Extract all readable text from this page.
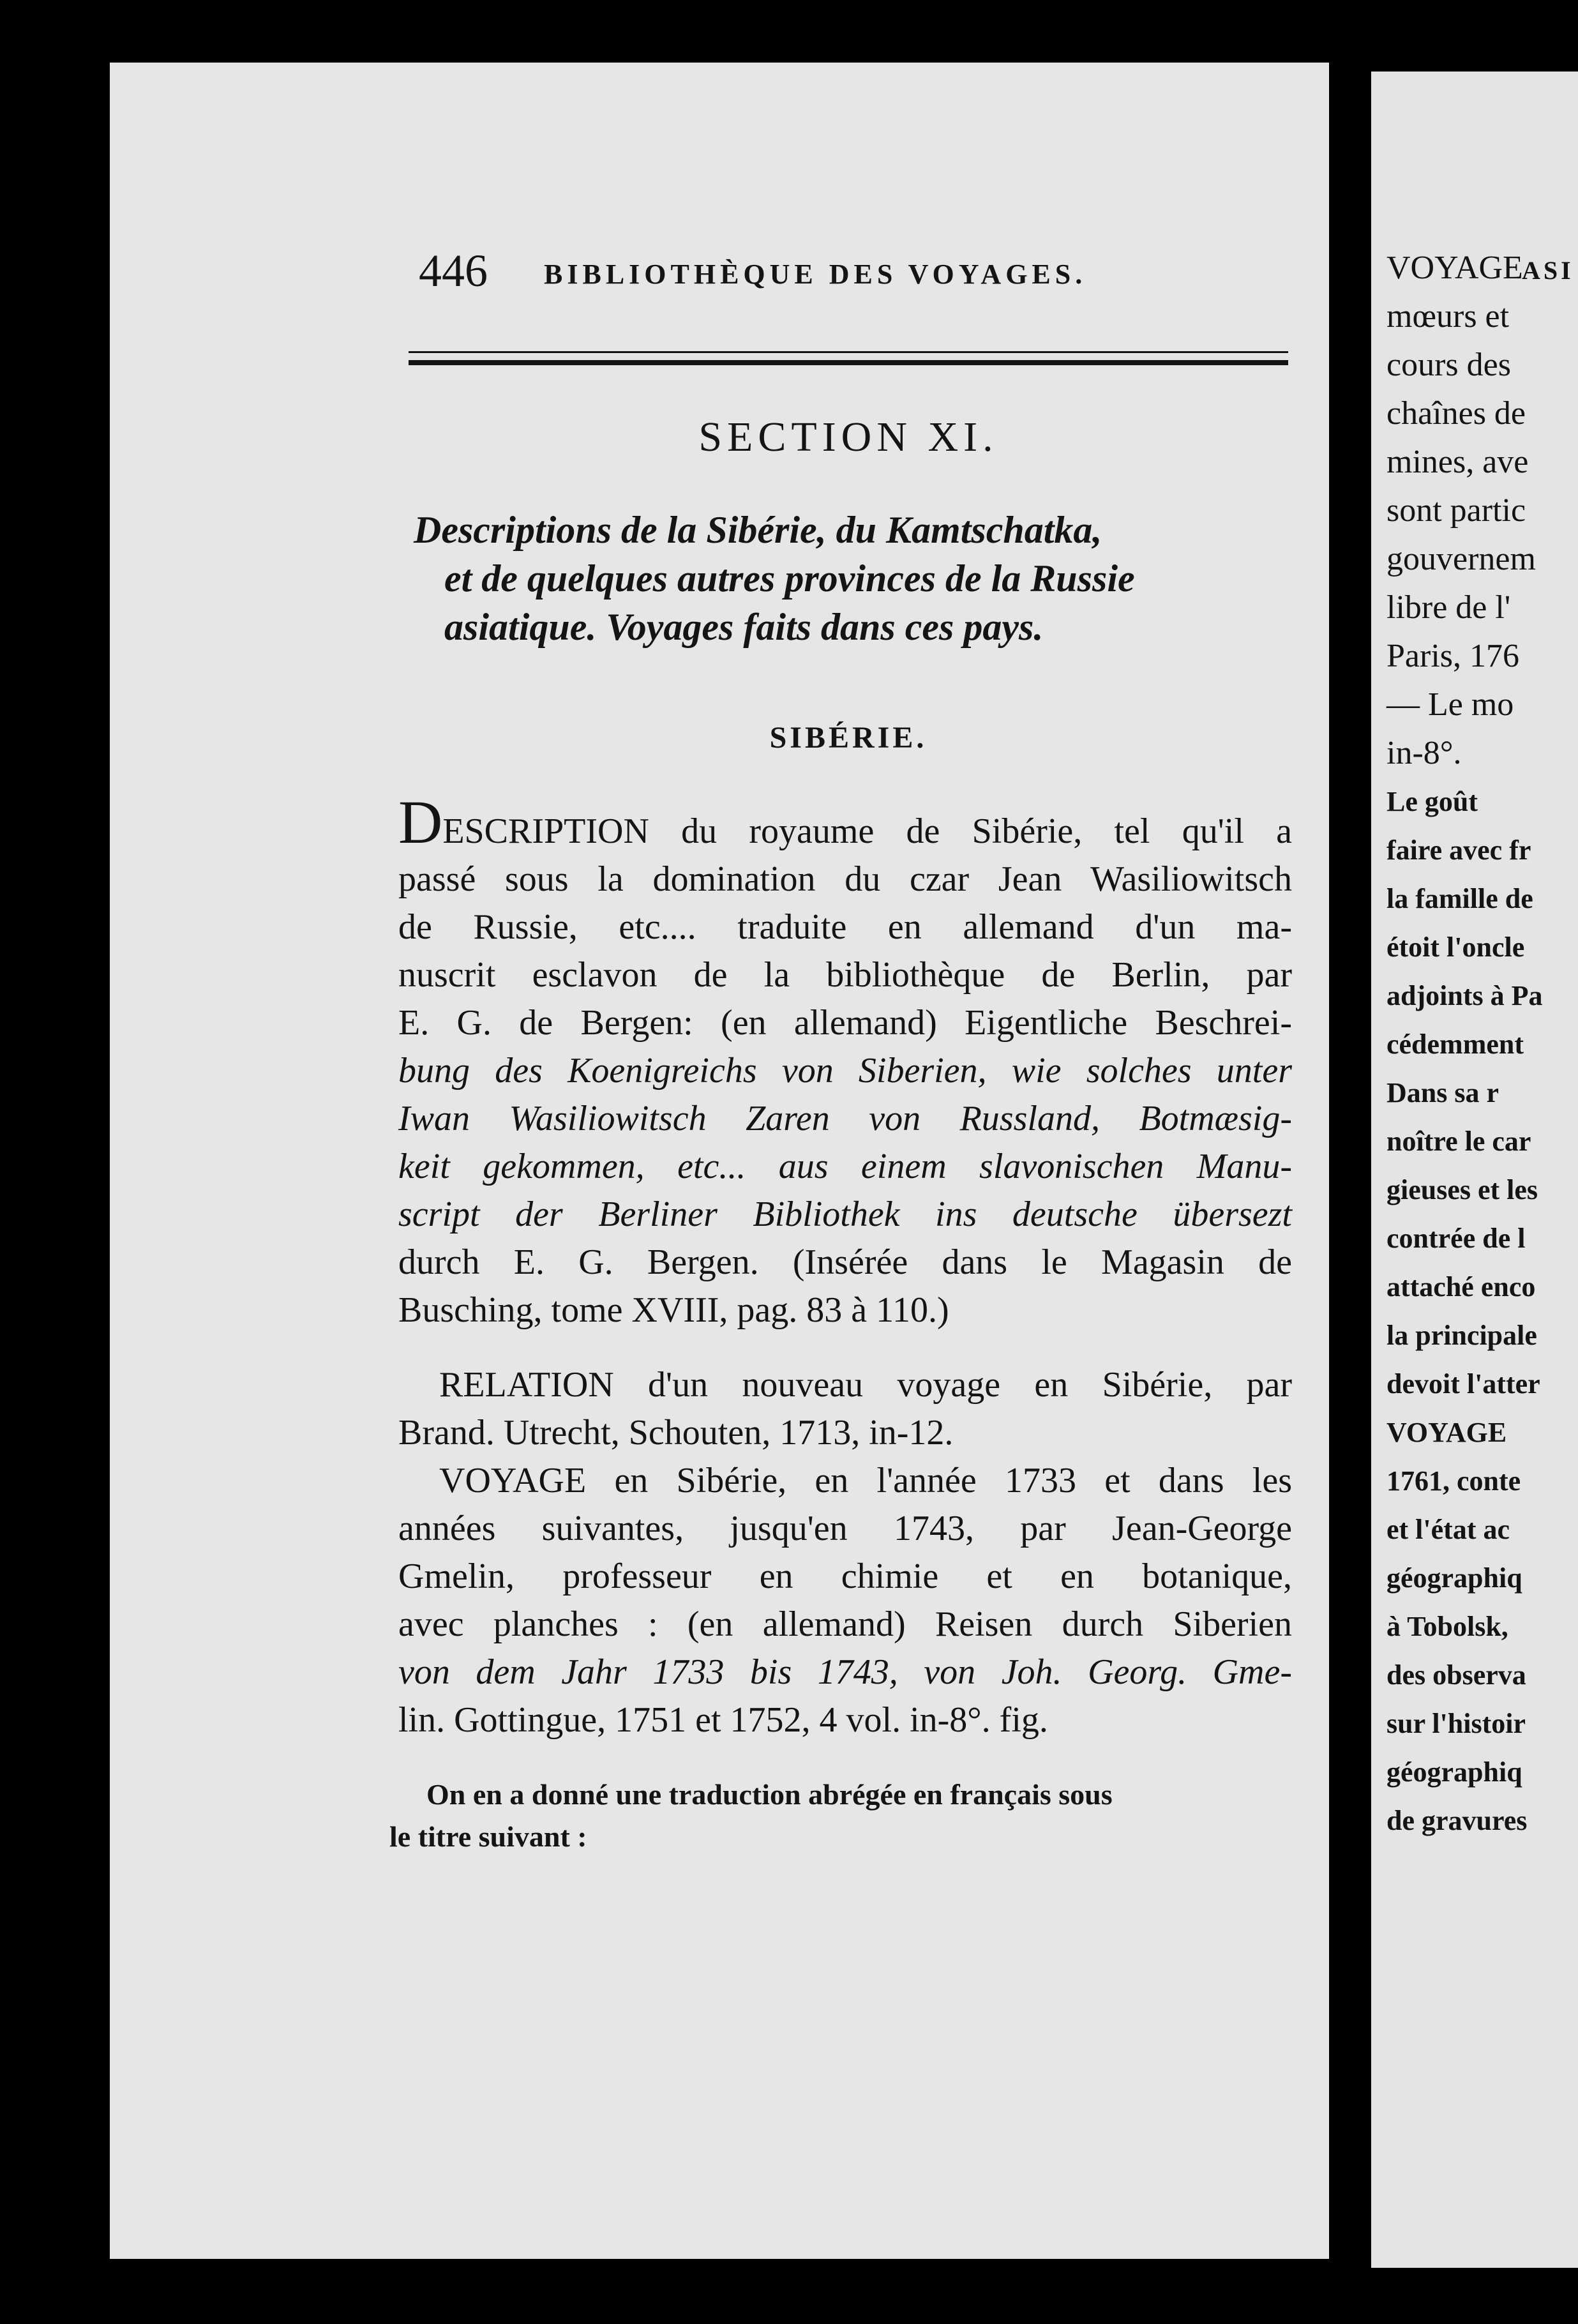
446 BIBLIOTHÈQUE DES VOYAGES.
SECTION XI.
Descriptions de la Sibérie, du Kamtschatka,
et de quelques autres provinces de la Russie
asiatique. Voyages faits dans ces pays.
SIBÉRIE.
DESCRIPTION du royaume de Sibérie, tel qu'il a
passé sous la domination du czar Jean Wasiliowitsch
de Russie, etc.... traduite en allemand d'un ma-
nuscrit esclavon de la bibliothèque de Berlin, par
E. G. de Bergen: (en allemand) Eigentliche Beschrei-
bung des Koenigreichs von Siberien, wie solches unter
Iwan Wasiliowitsch Zaren von Russland, Botmæsig-
keit gekommen, etc... aus einem slavonischen Manu-
script der Berliner Bibliothek ins deutsche übersezt
durch E. G. Bergen. (Insérée dans le Magasin de
Busching, tome XVIII, pag. 83 à 110.)
RELATION d'un nouveau voyage en Sibérie, par
Brand. Utrecht, Schouten, 1713, in-12.
VOYAGE en Sibérie, en l'année 1733 et dans les
années suivantes, jusqu'en 1743, par Jean-George
Gmelin, professeur en chimie et en botanique,
avec planches : (en allemand) Reisen durch Siberien
von dem Jahr 1733 bis 1743, von Joh. Georg. Gme-
lin. Gottingue, 1751 et 1752, 4 vol. in-8°. fig.
On en a donné une traduction abrégée en français sous
le titre suivant :
ASI
VOYAGE
mœurs et
cours des
chaînes de
mines, ave
sont partic
gouvernem
libre de l'
Paris, 176
— Le mo
in-8°.
Le goût
faire avec fr
la famille de
étoit l'oncle
adjoints à Pa
cédemment
Dans sa r
noître le car
gieuses et les
contrée de l
attaché enco
la principale
devoit l'atter
VOYAGE
1761, conte
et l'état ac
géographiq
à Tobolsk,
des observa
sur l'histoir
géographiq
de gravures
